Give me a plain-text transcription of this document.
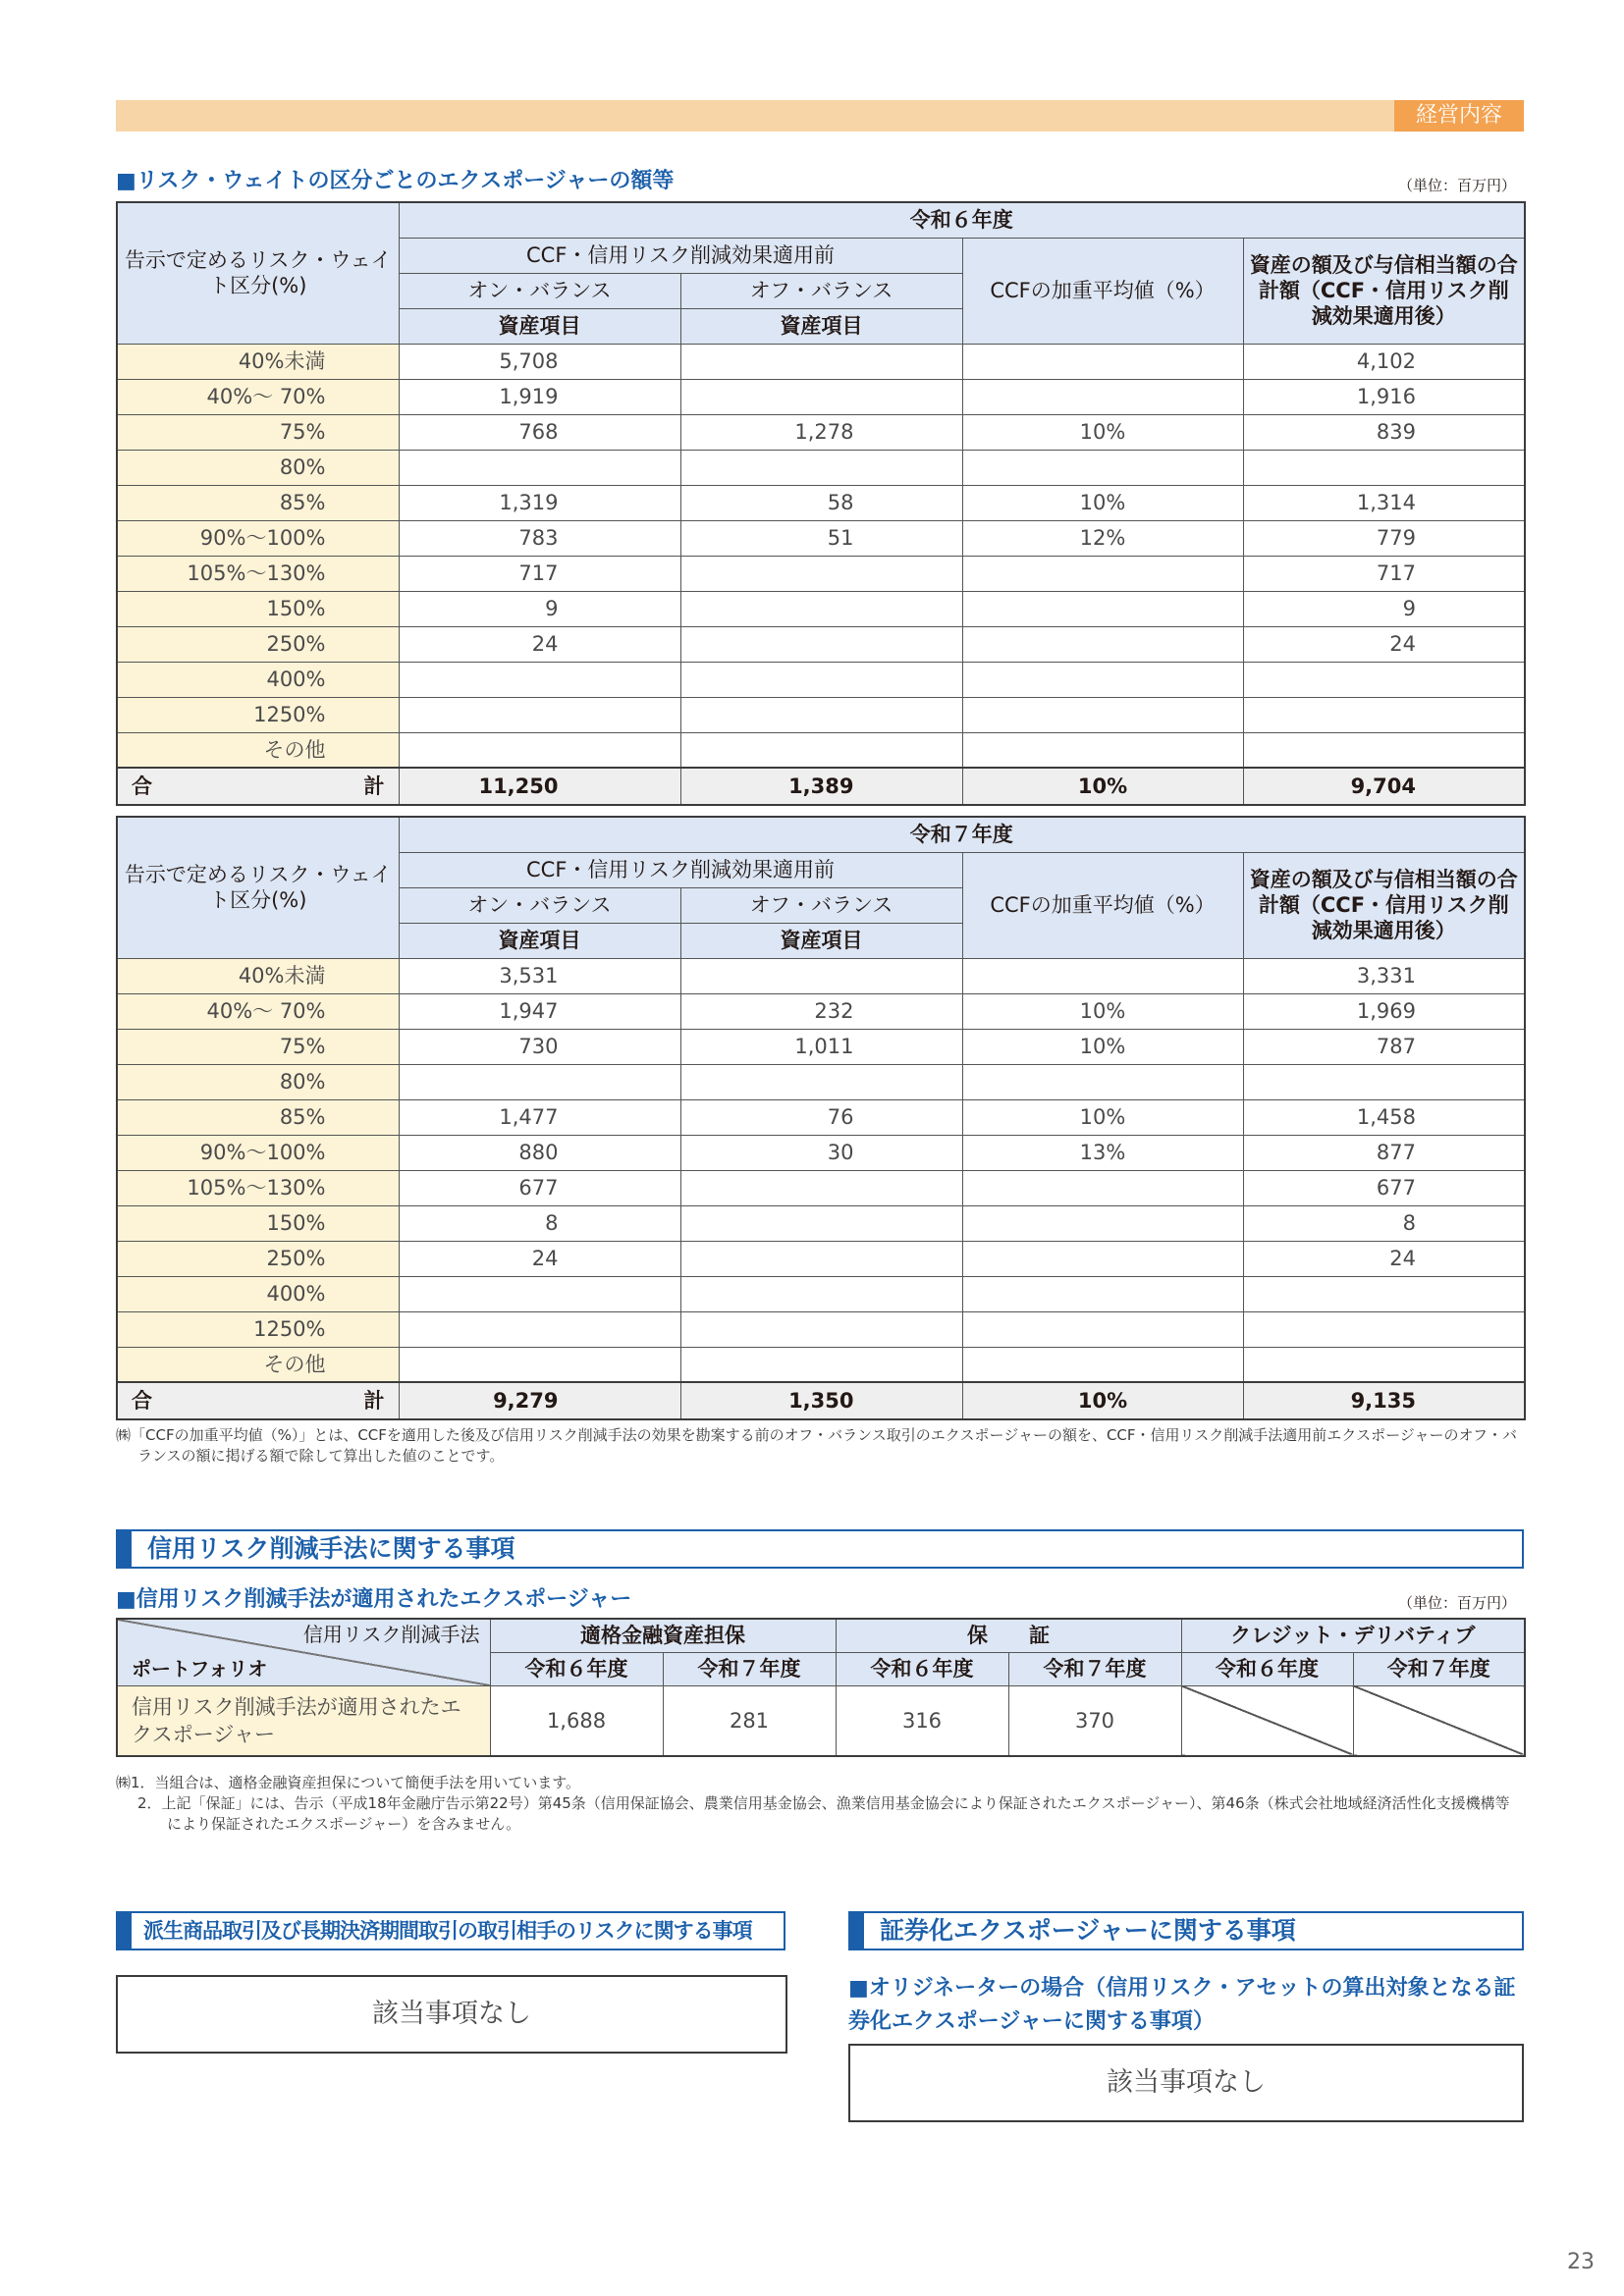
経営内容
■リスク・ウェイトの区分ごとのエクスポージャーの額等	（単位：百万円）
告示で定めるリスク・ウェイト区分(%)	令和６年度			
	CCF・信用リスク削減効果適用前		CCFの加重平均値（%）	資産の額及び与信相当額の合計額（CCF・信用リスク削減効果適用後）
	オン・バランス	オフ・バランス		
	資産項目	資産項目		
40%未満	5,708			4,102
40%～ 70%	1,919			1,916
75%	768	1,278	10%	839
80%				
85%	1,319	58	10%	1,314
90%～100%	783	51	12%	779
105%～130%	717			717
150%	9			9
250%	24			24
400%				
1250%				
その他				
合計	11,250	1,389	10%	9,704
告示で定めるリスク・ウェイト区分(%)	令和７年度			
	CCF・信用リスク削減効果適用前		CCFの加重平均値（%）	資産の額及び与信相当額の合計額（CCF・信用リスク削減効果適用後）
	オン・バランス	オフ・バランス		
	資産項目	資産項目		
40%未満	3,531			3,331
40%～ 70%	1,947	232	10%	1,969
75%	730	1,011	10%	787
80%				
85%	1,477	76	10%	1,458
90%～100%	880	30	13%	877
105%～130%	677			677
150%	8			8
250%	24			24
400%				
1250%				
その他				
合計	9,279	1,350	10%	9,135
㈱「CCFの加重平均値（%）」とは、CCFを適用した後及び信用リスク削減手法の効果を勘案する前のオフ・バランス取引のエクスポージャーの額を、CCF・信用リスク削減手法適用前エクスポージャーのオフ・バランスの額に掲げる額で除して算出した値のことです。
信用リスク削減手法に関する事項
■信用リスク削減手法が適用されたエクスポージャー	（単位：百万円）
信用リスク削減手法
ポートフォリオ	適格金融資産担保		保　　証		クレジット・デリバティブ	
	令和６年度	令和７年度	令和６年度	令和７年度	令和６年度	令和７年度
信用リスク削減手法が適用されたエクスポージャー	1,688	281	316	370		
㈱1．当組合は、適格金融資産担保について簡便手法を用いています。
2．上記「保証」には、告示（平成18年金融庁告示第22号）第45条（信用保証協会、農業信用基金協会、漁業信用基金協会により保証されたエクスポージャー）、第46条（株式会社地域経済活性化支援機構等により保証されたエクスポージャー）を含みません。
派生商品取引及び長期決済期間取引の取引相手のリスクに関する事項
該当事項なし
証券化エクスポージャーに関する事項
■オリジネーターの場合（信用リスク・アセットの算出対象となる証券化エクスポージャーに関する事項）
該当事項なし
23
